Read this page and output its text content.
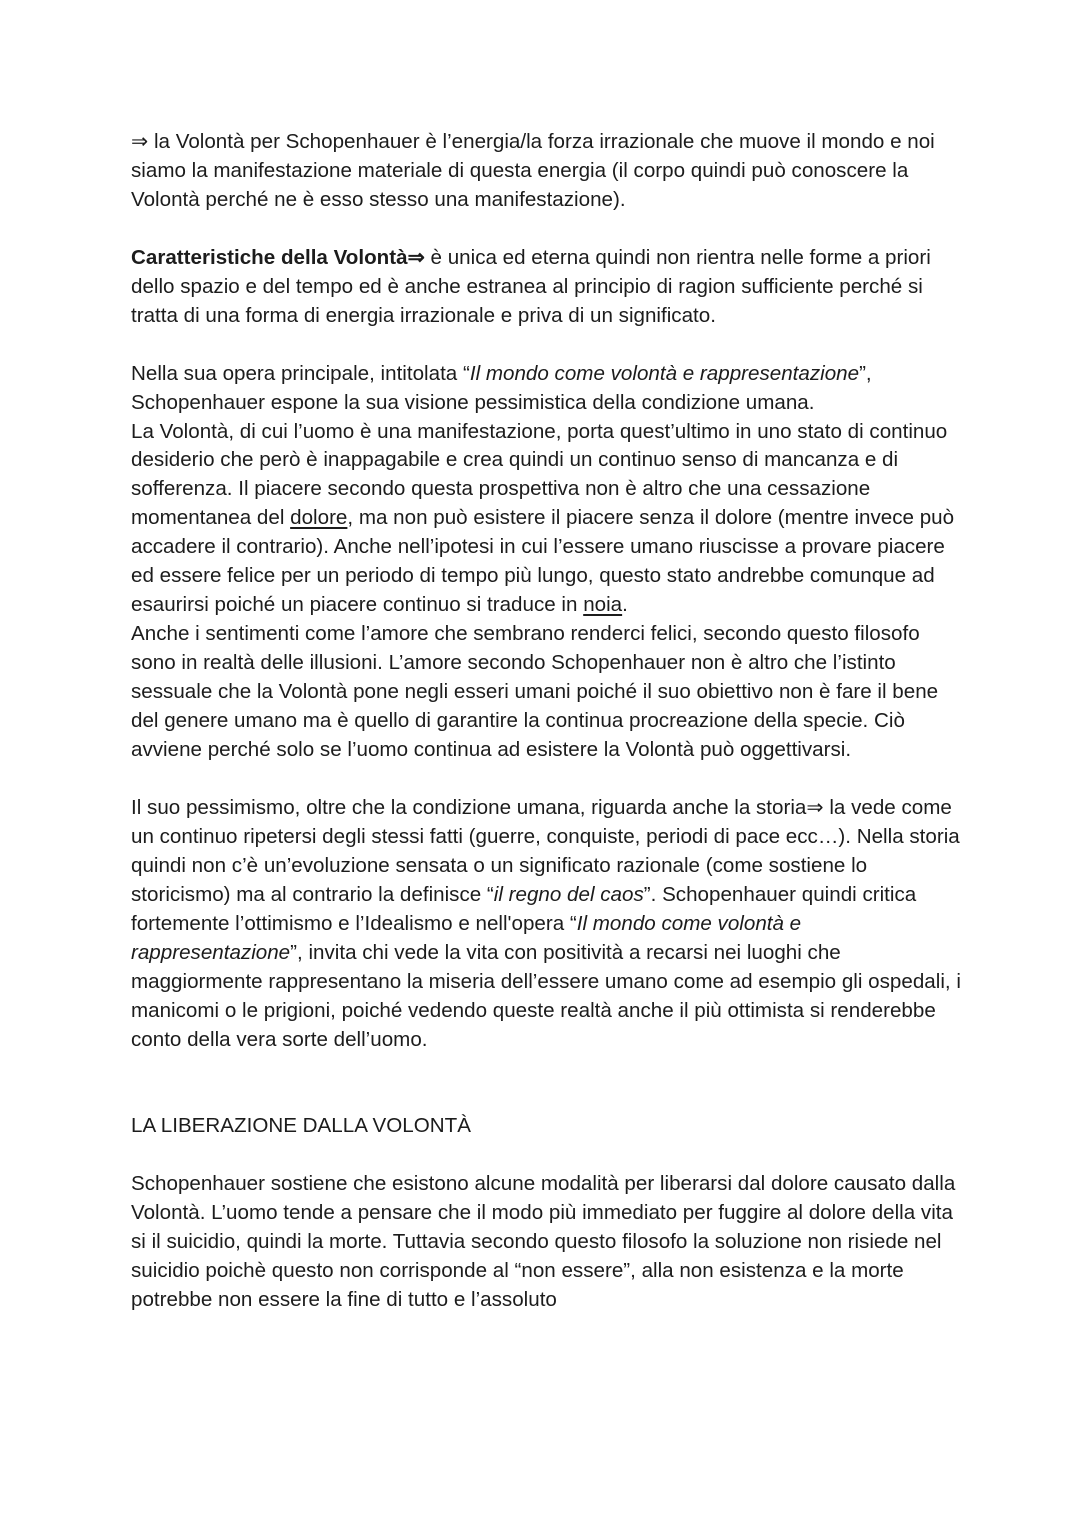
⇒ la Volontà per Schopenhauer è l’energia/la forza irrazionale che muove il mondo e noi siamo la manifestazione materiale di questa energia (il corpo quindi può conoscere la Volontà perché ne è esso stesso una manifestazione).

Caratteristiche della Volontà⇒ è unica ed eterna quindi non rientra nelle forme a priori dello spazio e del tempo ed è anche estranea al principio di ragion sufficiente perché si tratta di una forma di energia irrazionale e priva di un significato.

Nella sua opera principale, intitolata “Il mondo come volontà e rappresentazione”, Schopenhauer espone la sua visione pessimistica della condizione umana.

La Volontà, di cui l’uomo è una manifestazione, porta quest’ultimo in uno stato di continuo desiderio che però è inappagabile e crea quindi un continuo senso di mancanza e di sofferenza. Il piacere secondo questa prospettiva non è altro che una cessazione momentanea del dolore, ma non può esistere il piacere senza il dolore (mentre invece può accadere il contrario). Anche nell’ipotesi in cui l’essere umano riuscisse a provare piacere ed essere felice per un periodo di tempo più lungo, questo stato andrebbe comunque ad esaurirsi poiché un piacere continuo si traduce in noia.

Anche i sentimenti come l’amore che sembrano renderci felici, secondo questo filosofo sono in realtà delle illusioni. L’amore secondo Schopenhauer non è altro che l’istinto sessuale che la Volontà pone negli esseri umani poiché il suo obiettivo non è fare il bene del genere umano ma è quello di garantire la continua procreazione della specie. Ciò avviene perché solo se l’uomo continua ad esistere la Volontà può oggettivarsi.

Il suo pessimismo, oltre che la condizione umana, riguarda anche la storia⇒ la vede come un continuo ripetersi degli stessi fatti (guerre, conquiste, periodi di pace ecc…). Nella storia quindi non c’è un’evoluzione sensata o un significato razionale (come sostiene lo storicismo) ma al contrario la definisce “il regno del caos”. Schopenhauer quindi critica fortemente l’ottimismo e l’Idealismo e nell'opera “Il mondo come volontà e rappresentazione”, invita chi vede la vita con positività a recarsi nei luoghi che maggiormente rappresentano la miseria dell’essere umano come ad esempio gli ospedali, i manicomi o le prigioni, poiché vedendo queste realtà anche il più ottimista si renderebbe conto della vera sorte dell’uomo.

LA LIBERAZIONE DALLA VOLONTÀ

Schopenhauer sostiene che esistono alcune modalità per liberarsi dal dolore causato dalla Volontà. L’uomo tende a pensare che il modo più immediato per fuggire al dolore della vita si il suicidio, quindi la morte. Tuttavia secondo questo filosofo la soluzione non risiede nel suicidio poichè questo non corrisponde al “non essere”, alla non esistenza e la morte potrebbe non essere la fine di tutto e l’assoluto
